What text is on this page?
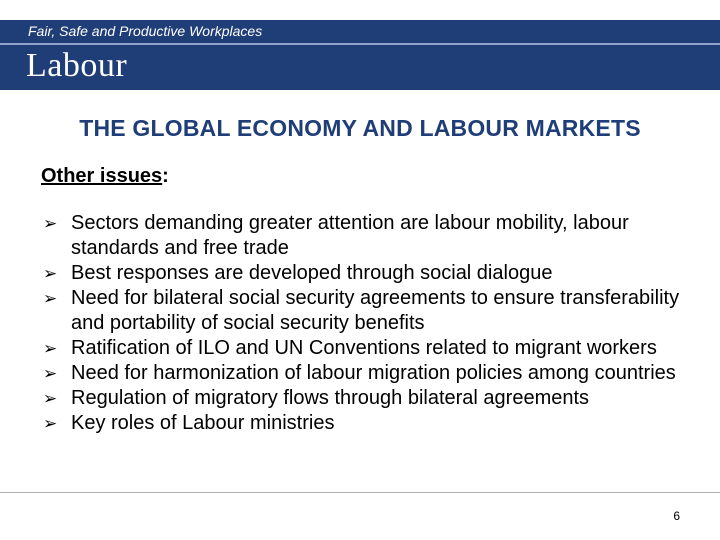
Fair, Safe and Productive Workplaces
Labour
THE GLOBAL ECONOMY AND LABOUR MARKETS
Other issues:
➢ Sectors demanding greater attention are labour mobility, labour standards and free trade
➢ Best responses are developed through social dialogue
➢ Need for bilateral social security agreements to ensure transferability and portability of social security benefits
➢ Ratification of ILO and UN Conventions related to migrant workers
➢ Need for harmonization of labour migration policies among countries
➢ Regulation of migratory flows through bilateral agreements
➢ Key roles of Labour ministries
6
